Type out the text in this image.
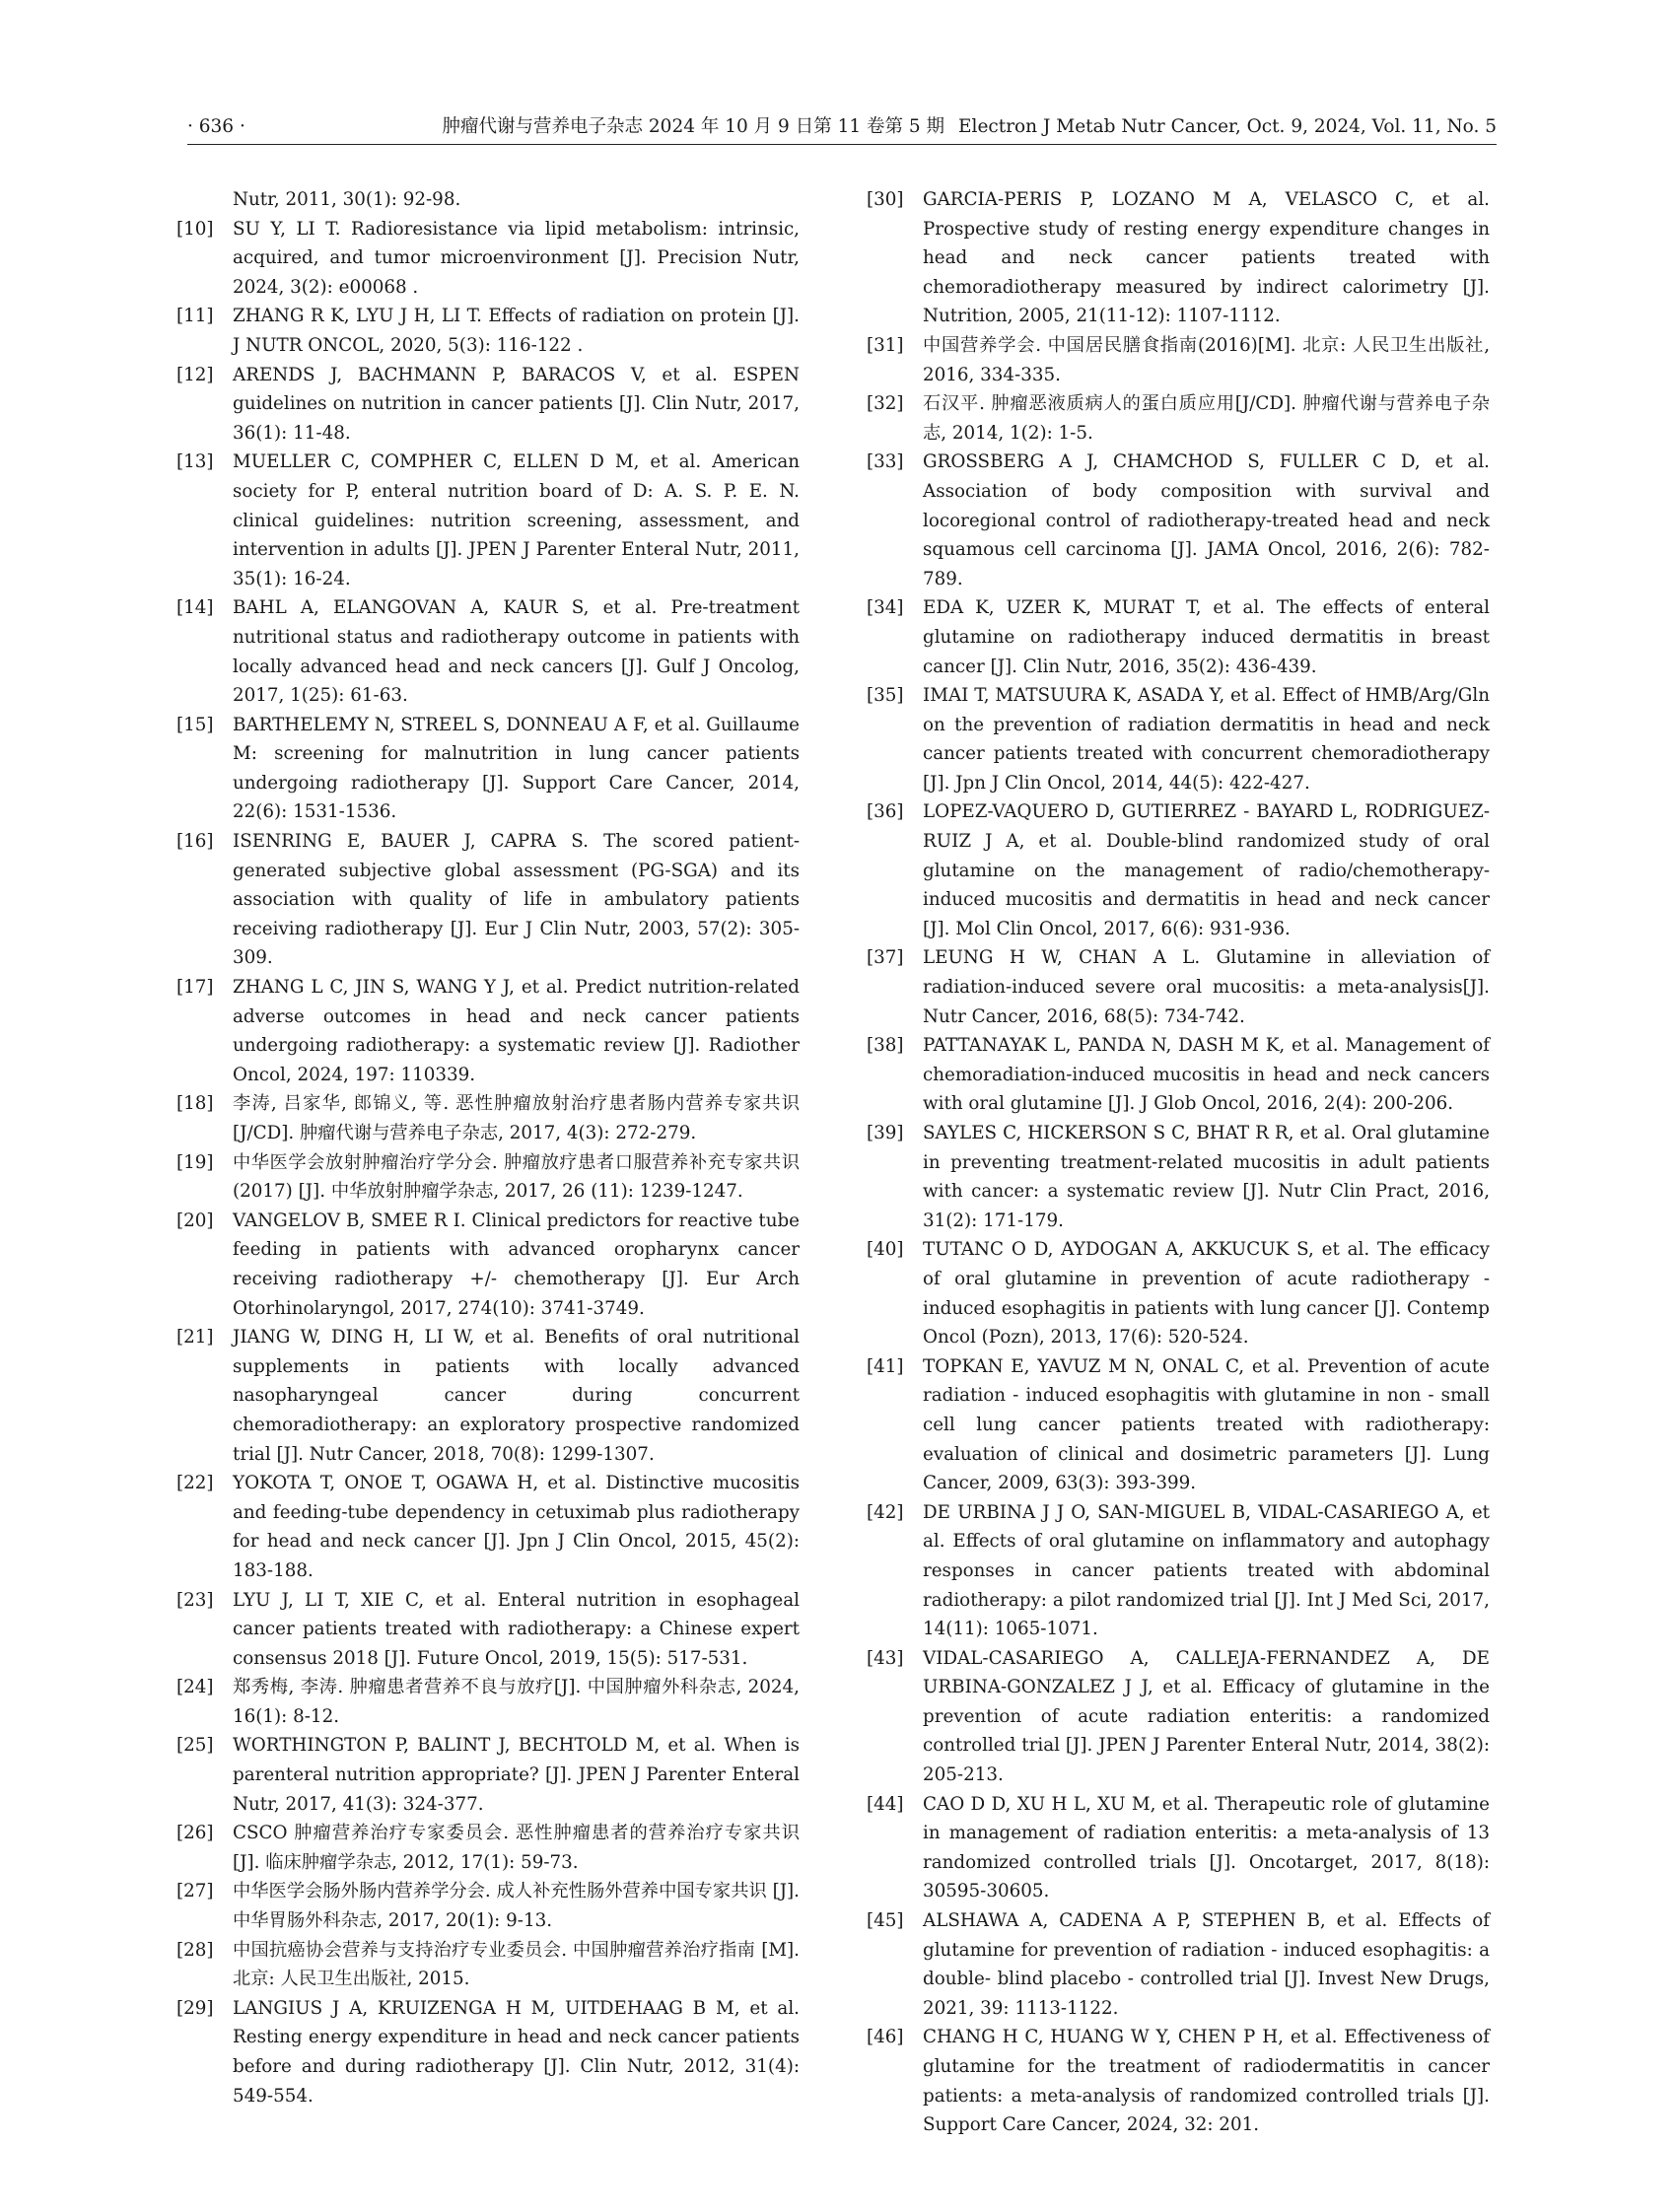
· 636 ·	肿瘤代谢与营养电子杂志 2024 年 10 月 9 日第 11 卷第 5 期 Electron J Metab Nutr Cancer, Oct. 9, 2024, Vol. 11, No. 5
Nutr, 2011, 30(1): 92-98.
[10] SU Y, LI T. Radioresistance via lipid metabolism: intrinsic, acquired, and tumor microenvironment [J]. Precision Nutr, 2024, 3(2): e00068 .
[11] ZHANG R K, LYU J H, LI T. Effects of radiation on protein [J]. J NUTR ONCOL, 2020, 5(3): 116-122 .
[12] ARENDS J, BACHMANN P, BARACOS V, et al. ESPEN guidelines on nutrition in cancer patients [J]. Clin Nutr, 2017, 36(1): 11-48.
[13] MUELLER C, COMPHER C, ELLEN D M, et al. American society for P, enteral nutrition board of D: A. S. P. E. N. clinical guidelines: nutrition screening, assessment, and intervention in adults [J]. JPEN J Parenter Enteral Nutr, 2011, 35(1): 16-24.
[14] BAHL A, ELANGOVAN A, KAUR S, et al. Pre-treatment nutritional status and radiotherapy outcome in patients with locally advanced head and neck cancers [J]. Gulf J Oncolog, 2017, 1(25): 61-63.
[15] BARTHELEMY N, STREEL S, DONNEAU A F, et al. Guillaume M: screening for malnutrition in lung cancer patients undergoing radiotherapy [J]. Support Care Cancer, 2014, 22(6): 1531-1536.
[16] ISENRING E, BAUER J, CAPRA S. The scored patient-generated subjective global assessment (PG-SGA) and its association with quality of life in ambulatory patients receiving radiotherapy [J]. Eur J Clin Nutr, 2003, 57(2): 305-309.
[17] ZHANG L C, JIN S, WANG Y J, et al. Predict nutrition-related adverse outcomes in head and neck cancer patients undergoing radiotherapy: a systematic review [J]. Radiother Oncol, 2024, 197: 110339.
[18] 李涛, 吕家华, 郎锦义, 等. 恶性肿瘤放射治疗患者肠内营养专家共识 [J/CD]. 肿瘤代谢与营养电子杂志, 2017, 4(3): 272-279.
[19] 中华医学会放射肿瘤治疗学分会. 肿瘤放疗患者口服营养补充专家共识(2017) [J]. 中华放射肿瘤学杂志, 2017, 26 (11): 1239-1247.
[20] VANGELOV B, SMEE R I. Clinical predictors for reactive tube feeding in patients with advanced oropharynx cancer receiving radiotherapy +/- chemotherapy [J]. Eur Arch Otorhinolaryngol, 2017, 274(10): 3741-3749.
[21] JIANG W, DING H, LI W, et al. Benefits of oral nutritional supplements in patients with locally advanced nasopharyngeal cancer during concurrent chemoradiotherapy: an exploratory prospective randomized trial [J]. Nutr Cancer, 2018, 70(8): 1299-1307.
[22] YOKOTA T, ONOE T, OGAWA H, et al. Distinctive mucositis and feeding-tube dependency in cetuximab plus radiotherapy for head and neck cancer [J]. Jpn J Clin Oncol, 2015, 45(2): 183-188.
[23] LYU J, LI T, XIE C, et al. Enteral nutrition in esophageal cancer patients treated with radiotherapy: a Chinese expert consensus 2018 [J]. Future Oncol, 2019, 15(5): 517-531.
[24] 郑秀梅, 李涛. 肿瘤患者营养不良与放疗[J]. 中国肿瘤外科杂志, 2024, 16(1): 8-12.
[25] WORTHINGTON P, BALINT J, BECHTOLD M, et al. When is parenteral nutrition appropriate? [J]. JPEN J Parenter Enteral Nutr, 2017, 41(3): 324-377.
[26] CSCO 肿瘤营养治疗专家委员会. 恶性肿瘤患者的营养治疗专家共识 [J]. 临床肿瘤学杂志, 2012, 17(1): 59-73.
[27] 中华医学会肠外肠内营养学分会. 成人补充性肠外营养中国专家共识 [J]. 中华胃肠外科杂志, 2017, 20(1): 9-13.
[28] 中国抗癌协会营养与支持治疗专业委员会. 中国肿瘤营养治疗指南 [M]. 北京: 人民卫生出版社, 2015.
[29] LANGIUS J A, KRUIZENGA H M, UITDEHAAG B M, et al. Resting energy expenditure in head and neck cancer patients before and during radiotherapy [J]. Clin Nutr, 2012, 31(4): 549-554.
[30] GARCIA-PERIS P, LOZANO M A, VELASCO C, et al. Prospective study of resting energy expenditure changes in head and neck cancer patients treated with chemoradiotherapy measured by indirect calorimetry [J]. Nutrition, 2005, 21(11-12): 1107-1112.
[31] 中国营养学会. 中国居民膳食指南(2016)[M]. 北京: 人民卫生出版社, 2016, 334-335.
[32] 石汉平. 肿瘤恶液质病人的蛋白质应用[J/CD]. 肿瘤代谢与营养电子杂志, 2014, 1(2): 1-5.
[33] GROSSBERG A J, CHAMCHOD S, FULLER C D, et al. Association of body composition with survival and locoregional control of radiotherapy-treated head and neck squamous cell carcinoma [J]. JAMA Oncol, 2016, 2(6): 782-789.
[34] EDA K, UZER K, MURAT T, et al. The effects of enteral glutamine on radiotherapy induced dermatitis in breast cancer [J]. Clin Nutr, 2016, 35(2): 436-439.
[35] IMAI T, MATSUURA K, ASADA Y, et al. Effect of HMB/Arg/Gln on the prevention of radiation dermatitis in head and neck cancer patients treated with concurrent chemoradiotherapy [J]. Jpn J Clin Oncol, 2014, 44(5): 422-427.
[36] LOPEZ-VAQUERO D, GUTIERREZ - BAYARD L, RODRIGUEZ-RUIZ J A, et al. Double-blind randomized study of oral glutamine on the management of radio/chemotherapy-induced mucositis and dermatitis in head and neck cancer [J]. Mol Clin Oncol, 2017, 6(6): 931-936.
[37] LEUNG H W, CHAN A L. Glutamine in alleviation of radiation-induced severe oral mucositis: a meta-analysis[J]. Nutr Cancer, 2016, 68(5): 734-742.
[38] PATTANAYAK L, PANDA N, DASH M K, et al. Management of chemoradiation-induced mucositis in head and neck cancers with oral glutamine [J]. J Glob Oncol, 2016, 2(4): 200-206.
[39] SAYLES C, HICKERSON S C, BHAT R R, et al. Oral glutamine in preventing treatment-related mucositis in adult patients with cancer: a systematic review [J]. Nutr Clin Pract, 2016, 31(2): 171-179.
[40] TUTANC O D, AYDOGAN A, AKKUCUK S, et al. The efficacy of oral glutamine in prevention of acute radiotherapy - induced esophagitis in patients with lung cancer [J]. Contemp Oncol (Pozn), 2013, 17(6): 520-524.
[41] TOPKAN E, YAVUZ M N, ONAL C, et al. Prevention of acute radiation - induced esophagitis with glutamine in non - small cell lung cancer patients treated with radiotherapy: evaluation of clinical and dosimetric parameters [J]. Lung Cancer, 2009, 63(3): 393-399.
[42] DE URBINA J J O, SAN-MIGUEL B, VIDAL-CASARIEGO A, et al. Effects of oral glutamine on inflammatory and autophagy responses in cancer patients treated with abdominal radiotherapy: a pilot randomized trial [J]. Int J Med Sci, 2017, 14(11): 1065-1071.
[43] VIDAL-CASARIEGO A, CALLEJA-FERNANDEZ A, DE URBINA-GONZALEZ J J, et al. Efficacy of glutamine in the prevention of acute radiation enteritis: a randomized controlled trial [J]. JPEN J Parenter Enteral Nutr, 2014, 38(2): 205-213.
[44] CAO D D, XU H L, XU M, et al. Therapeutic role of glutamine in management of radiation enteritis: a meta-analysis of 13 randomized controlled trials [J]. Oncotarget, 2017, 8(18): 30595-30605.
[45] ALSHAWA A, CADENA A P, STEPHEN B, et al. Effects of glutamine for prevention of radiation - induced esophagitis: a double- blind placebo - controlled trial [J]. Invest New Drugs, 2021, 39: 1113-1122.
[46] CHANG H C, HUANG W Y, CHEN P H, et al. Effectiveness of glutamine for the treatment of radiodermatitis in cancer patients: a meta-analysis of randomized controlled trials [J]. Support Care Cancer, 2024, 32: 201.
